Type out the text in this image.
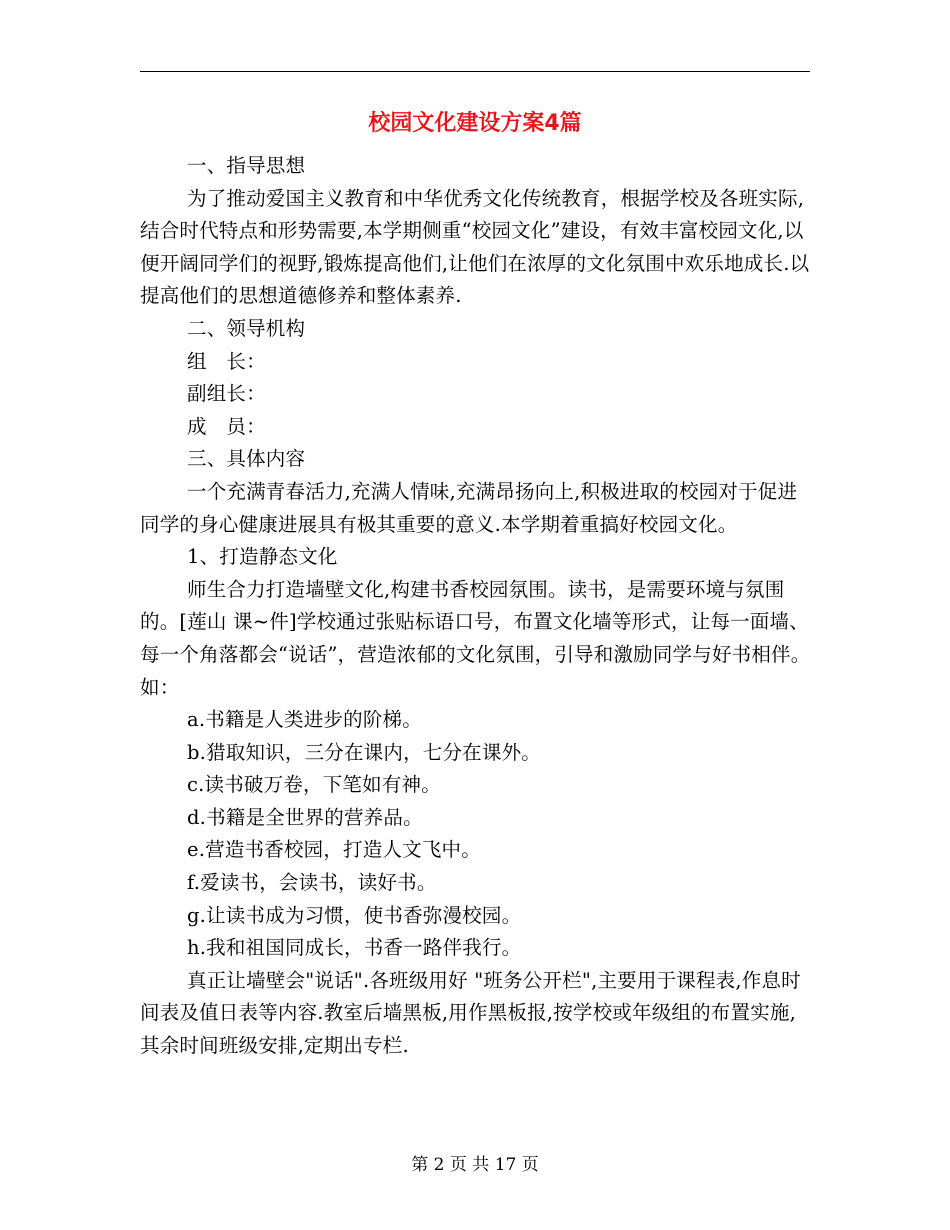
校园文化建设方案4篇

一、指导思想

为了推动爱国主义教育和中华优秀文化传统教育，根据学校及各班实际,结合时代特点和形势需要,本学期侧重“校园文化”建设，有效丰富校园文化,以便开阔同学们的视野,锻炼提高他们,让他们在浓厚的文化氛围中欢乐地成长.以提高他们的思想道德修养和整体素养.

二、领导机构

组　长：

副组长：

成　员：

三、具体内容

一个充满青春活力,充满人情味,充满昂扬向上,积极进取的校园对于促进同学的身心健康进展具有极其重要的意义.本学期着重搞好校园文化。

1、打造静态文化

师生合力打造墙壁文化,构建书香校园氛围。读书，是需要环境与氛围的。[莲山 课~件]学校通过张贴标语口号，布置文化墙等形式，让每一面墙、每一个角落都会“说话”，营造浓郁的文化氛围，引导和激励同学与好书相伴。如：

a.书籍是人类进步的阶梯。

b.猎取知识，三分在课内，七分在课外。

c.读书破万卷，下笔如有神。

d.书籍是全世界的营养品。

e.营造书香校园，打造人文飞中。

f.爱读书，会读书，读好书。

g.让读书成为习惯，使书香弥漫校园。

h.我和祖国同成长，书香一路伴我行。

真正让墙壁会"说话".各班级用好 "班务公开栏",主要用于课程表,作息时间表及值日表等内容.教室后墙黑板,用作黑板报,按学校或年级组的布置实施,其余时间班级安排,定期出专栏.

第 2 页 共 17 页
